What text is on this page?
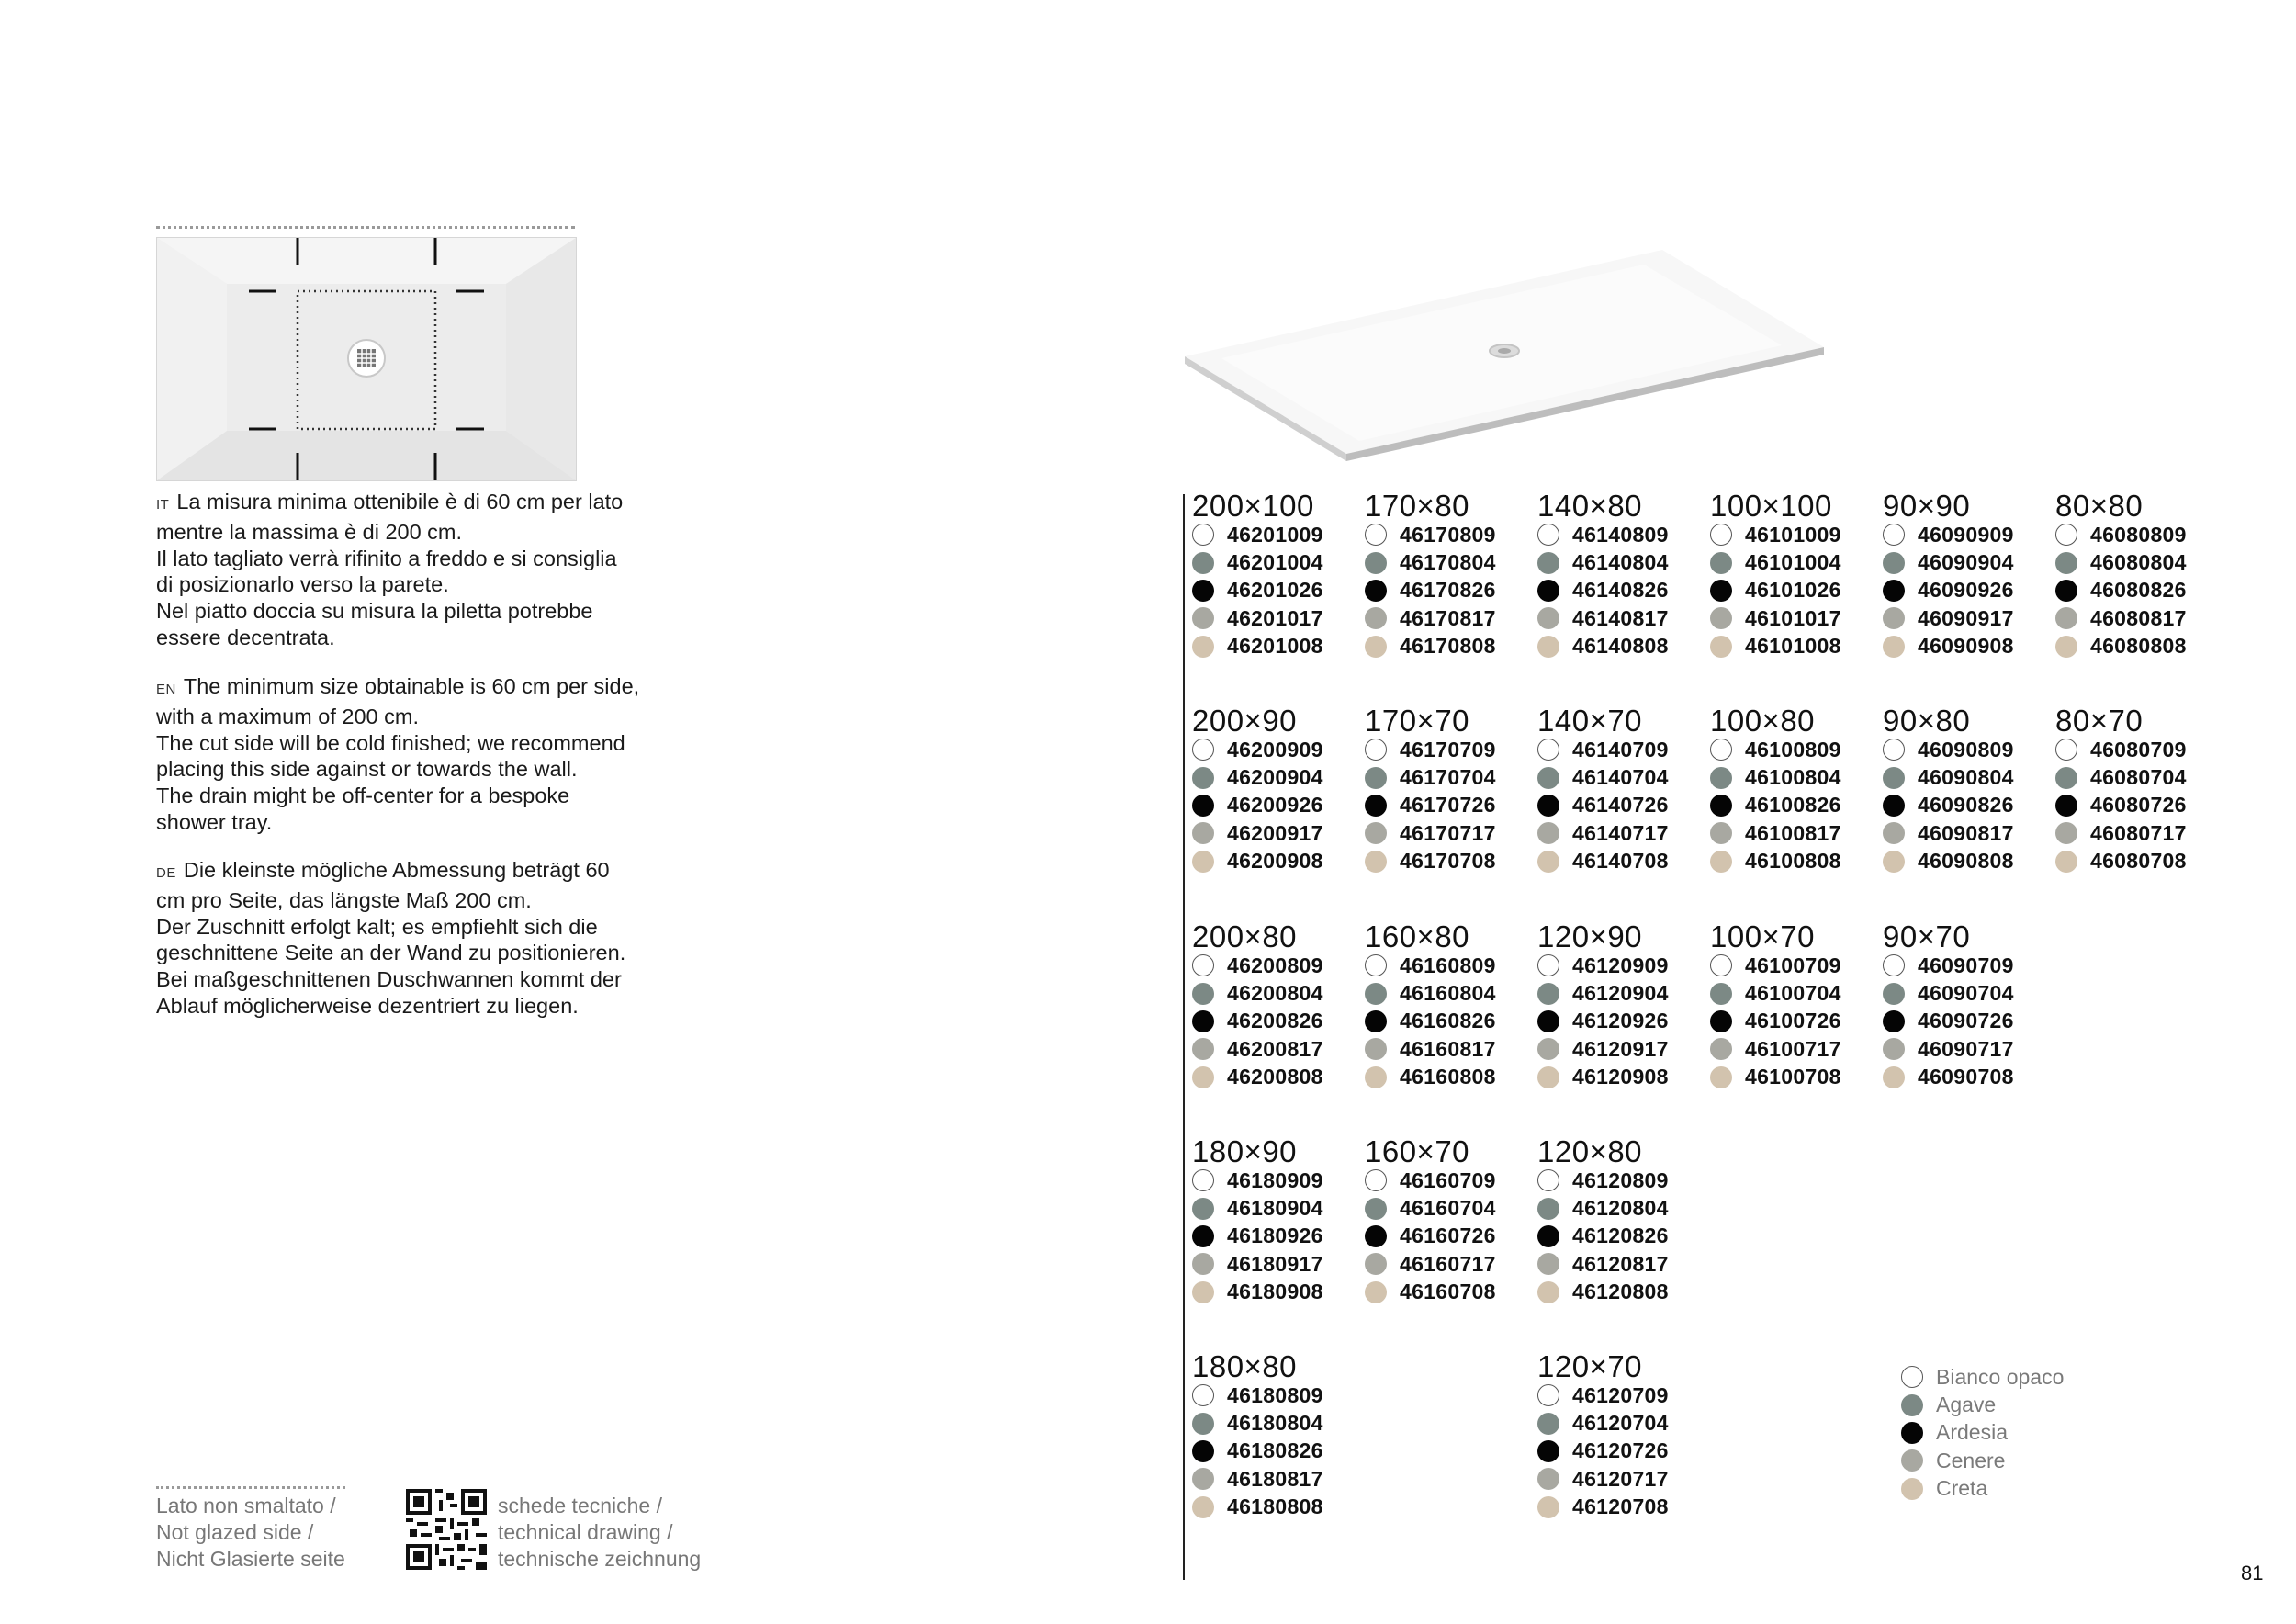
IT La misura minima ottenibile è di 60 cm per lato
mentre la massima è di 200 cm.
Il lato tagliato verrà rifinito a freddo e si consiglia
di posizionarlo verso la parete.
Nel piatto doccia su misura la piletta potrebbe
essere decentrata.
EN The minimum size obtainable is 60 cm per side,
with a maximum of 200 cm.
The cut side will be cold finished; we recommend
placing this side against or towards the wall.
The drain might be off-center for a bespoke
shower tray.
DE Die kleinste mögliche Abmessung beträgt 60
cm pro Seite, das längste Maß 200 cm.
Der Zuschnitt erfolgt kalt; es empfiehlt sich die
geschnittene Seite an der Wand zu positionieren.
Bei maßgeschnittenen Duschwannen kommt der
Ablauf möglicherweise dezentriert zu liegen.
Lato non smaltato /
Not glazed side /
Nicht Glasierte seite
schede tecniche /
technical drawing /
technische zeichnung
200×100
46201009
46201004
46201026
46201017
46201008
170×80
46170809
46170804
46170826
46170817
46170808
140×80
46140809
46140804
46140826
46140817
46140808
100×100
46101009
46101004
46101026
46101017
46101008
90×90
46090909
46090904
46090926
46090917
46090908
80×80
46080809
46080804
46080826
46080817
46080808
200×90
46200909
46200904
46200926
46200917
46200908
170×70
46170709
46170704
46170726
46170717
46170708
140×70
46140709
46140704
46140726
46140717
46140708
100×80
46100809
46100804
46100826
46100817
46100808
90×80
46090809
46090804
46090826
46090817
46090808
80×70
46080709
46080704
46080726
46080717
46080708
200×80
46200809
46200804
46200826
46200817
46200808
160×80
46160809
46160804
46160826
46160817
46160808
120×90
46120909
46120904
46120926
46120917
46120908
100×70
46100709
46100704
46100726
46100717
46100708
90×70
46090709
46090704
46090726
46090717
46090708
180×90
46180909
46180904
46180926
46180917
46180908
160×70
46160709
46160704
46160726
46160717
46160708
120×80
46120809
46120804
46120826
46120817
46120808
180×80
46180809
46180804
46180826
46180817
46180808
120×70
46120709
46120704
46120726
46120717
46120708
Bianco opaco
Agave
Ardesia
Cenere
Creta
81
